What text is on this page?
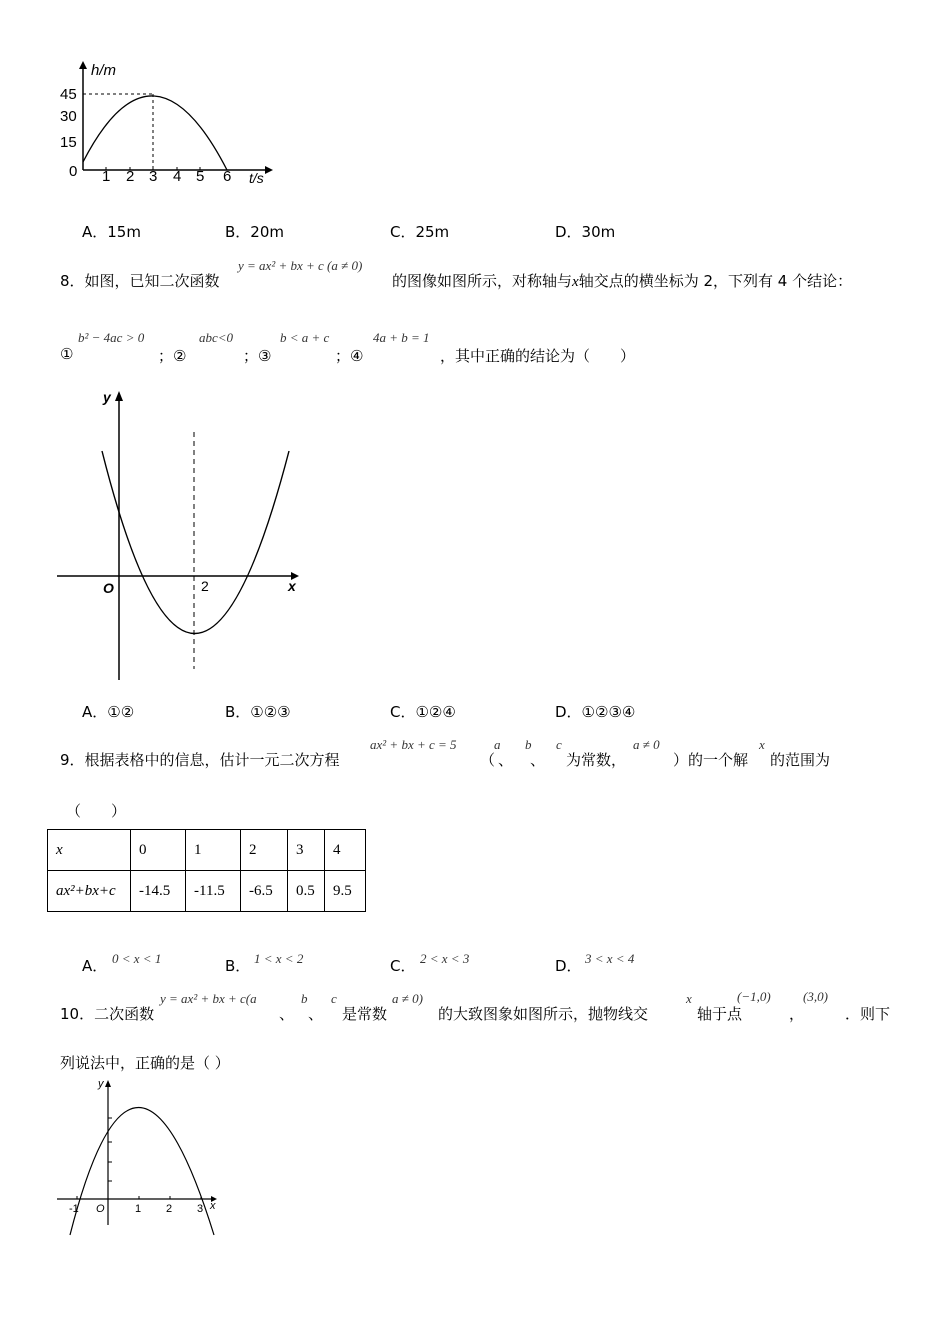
h/m
t/s
0
45
30
15
1 2 3 4 5 6
A．15m	B．20m	C．25m	D．30m
8．如图，已知二次函数
y = ax² + bx + c (a ≠ 0)
的图像如图所示，对称轴与x轴交点的横坐标为 2，下列有 4 个结论：
①
b² − 4ac > 0
；②
abc<0
；③
b < a + c
；④
4a + b = 1
，其中正确的结论为（　　）
y
x
O	2
A．①②	B．①②③	C．①②④	D．①②③④
9．根据表格中的信息，估计一元二次方程
ax² + bx + c = 5
（
a
、
b
、
c
为常数，
a ≠ 0
）的一个解
x
的范围为
（　　）
x	0	1	2	3	4
ax²+bx+c	-14.5	-11.5	-6.5	0.5	9.5
A． 0 < x < 1	B． 1 < x < 2	C． 2 < x < 3	D． 3 < x < 4
10．二次函数
y = ax² + bx + c(a
、
b
、
c
是常数
a ≠ 0)
的大致图象如图所示，抛物线交
x
轴于点
(−1,0)
，
(3,0)
．则下
列说法中，正确的是（ ）
y
x
O
-1	1 2 3
